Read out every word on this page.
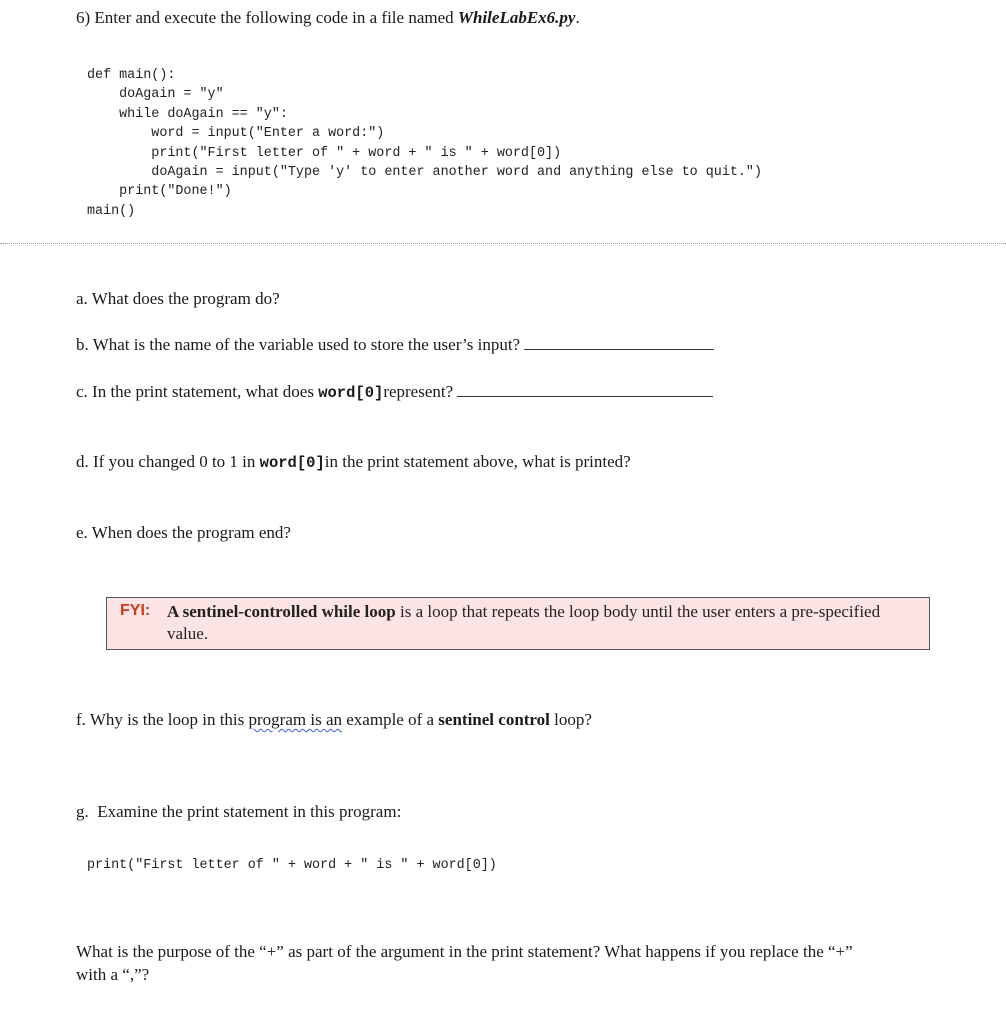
6) Enter and execute the following code in a file named WhileLabEx6.py.
def main():
doAgain = "y"
while doAgain == "y":
word = input("Enter a word:")
print("First letter of " + word + " is " + word[0])
doAgain = input("Type 'y' to enter another word and anything else to quit.")
print("Done!")
main()
a. What does the program do?
b. What is the name of the variable used to store the user’s input?
c. In the print statement, what does word[0]represent?
d. If you changed 0 to 1 in word[0]in the print statement above, what is printed?
e. When does the program end?
FYI: A sentinel-controlled while loop is a loop that repeats the loop body until the user enters a pre-specified value.
f. Why is the loop in this program is an example of a sentinel control loop?
g.  Examine the print statement in this program:
print("First letter of " + word + " is " + word[0])
What is the purpose of the “+” as part of the argument in the print statement? What happens if you replace the “+”
with a “,”?
